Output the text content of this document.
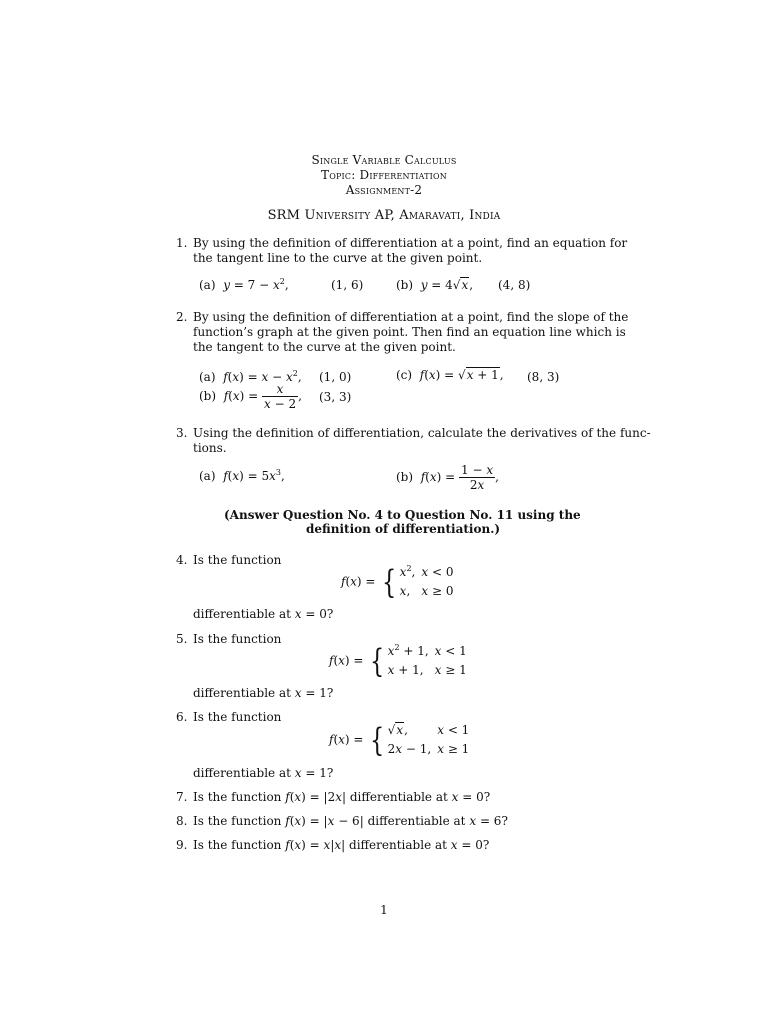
Single Variable Calculus
Topic: Differentiation
Assignment-2
SRM University AP, Amaravati, India
1. By using the definition of differentiation at a point, find an equation for
the tangent line to the curve at the given point.
(a) $y = 7 - x^2$,	(1, 6)	(b) y = 4√x, (4, 8)
2. By using the definition of differentiation at a point, find the slope of the
function’s graph at the given point. Then find an equation line which is
the tangent to the curve at the given point.
(a) $f(x) = x - x^2$, (1, 0)	(c) f(x) = √x + 1, (8, 3)
(b) $f(x) = \frac{x}{x - 2}$ , (3, 3)
3. Using the definition of differentiation, calculate the derivatives of the func-
tions.
(a) $f(x) = 5x^3$,	(b) $f(x) = \frac{1 - x}{2x}$ ,
(Answer Question No. 4 to Question No. 11 using the
definition of differentiation.)
4. Is the function
f(x) = { $x^2$,	x < 0
x,	x ≥ 0
differentiable at x = 0?
5. Is the function
f(x) = { $x^2 + 1$,	x < 1
x + 1,	x ≥ 1
differentiable at x = 1?
6. Is the function
f(x) = { √x,	x < 1
2x − 1,	x ≥ 1
differentiable at x = 1?
7. Is the function f(x) = |2x| differentiable at x = 0?
8. Is the function f(x) = |x − 6| differentiable at x = 6?
9. Is the function f(x) = x|x| differentiable at x = 0?
1
